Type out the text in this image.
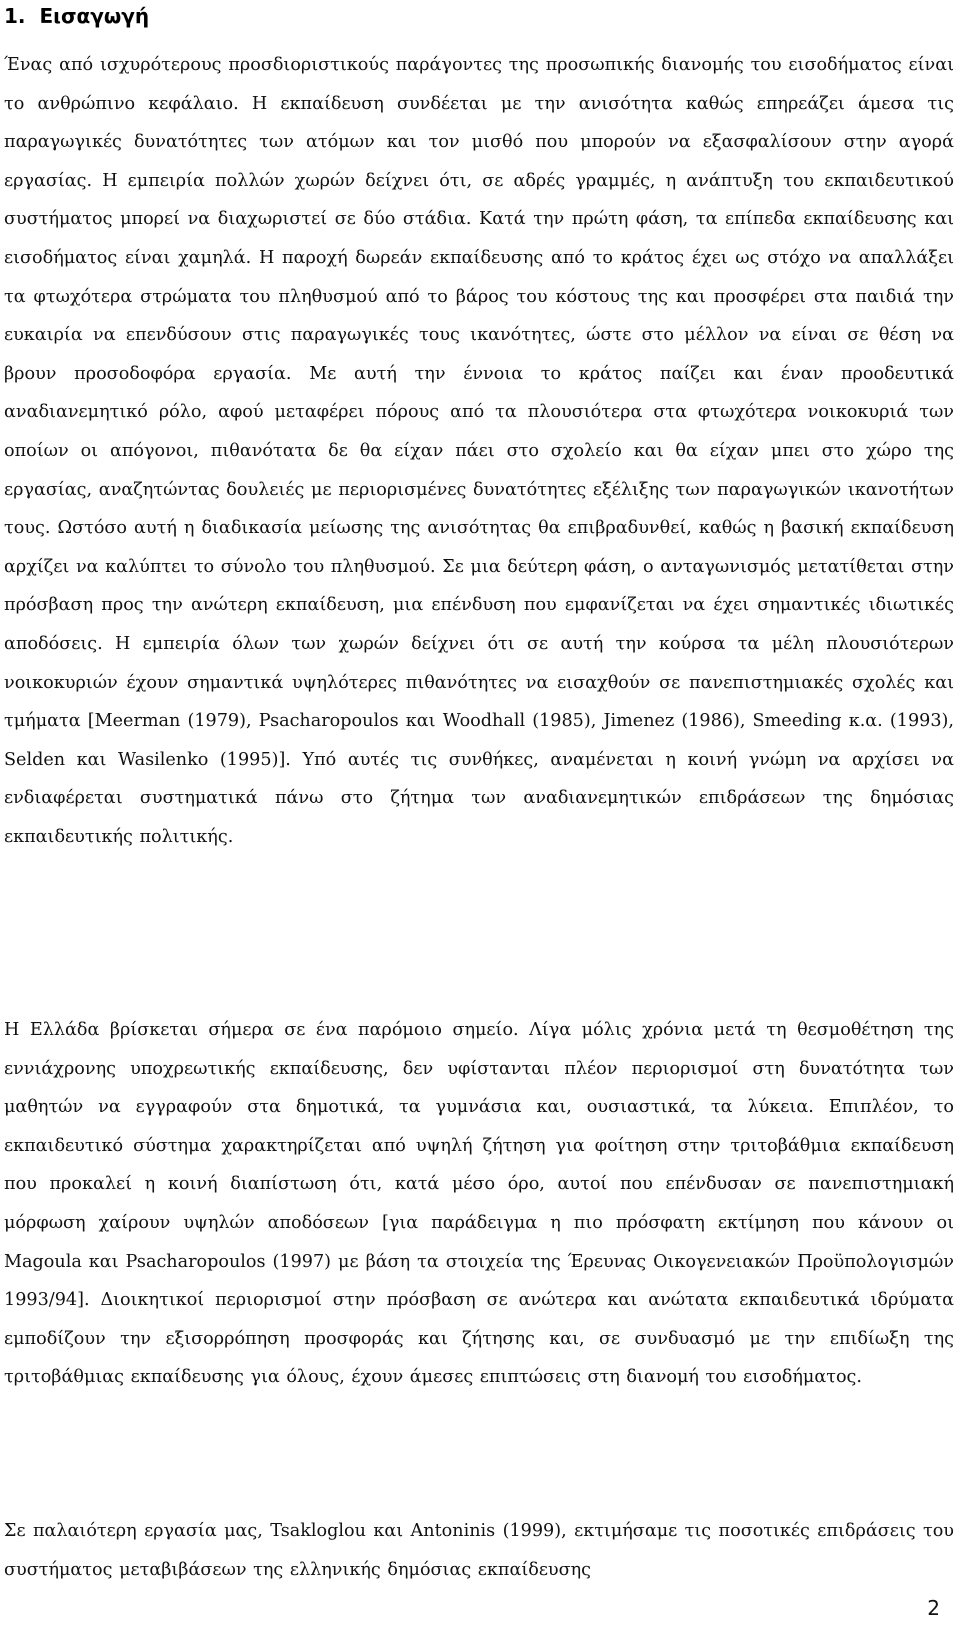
1. Εισαγωγή

Ένας από ισχυρότερους προσδιοριστικούς παράγοντες της προσωπικής διανομής του εισοδήματος είναι το ανθρώπινο κεφάλαιο. Η εκπαίδευση συνδέεται με την ανισότητα καθώς επηρεάζει άμεσα τις παραγωγικές δυνατότητες των ατόμων και τον μισθό που μπορούν να εξασφαλίσουν στην αγορά εργασίας. Η εμπειρία πολλών χωρών δείχνει ότι, σε αδρές γραμμές, η ανάπτυξη του εκπαιδευτικού συστήματος μπορεί να διαχωριστεί σε δύο στάδια. Κατά την πρώτη φάση, τα επίπεδα εκπαίδευσης και εισοδήματος είναι χαμηλά. Η παροχή δωρεάν εκπαίδευσης από το κράτος έχει ως στόχο να απαλλάξει τα φτωχότερα στρώματα του πληθυσμού από το βάρος του κόστους της και προσφέρει στα παιδιά την ευκαιρία να επενδύσουν στις παραγωγικές τους ικανότητες, ώστε στο μέλλον να είναι σε θέση να βρουν προσοδοφόρα εργασία. Με αυτή την έννοια το κράτος παίζει και έναν προοδευτικά αναδιανεμητικό ρόλο, αφού μεταφέρει πόρους από τα πλουσιότερα στα φτωχότερα νοικοκυριά των οποίων οι απόγονοι, πιθανότατα δε θα είχαν πάει στο σχολείο και θα είχαν μπει στο χώρο της εργασίας, αναζητώντας δουλειές με περιορισμένες δυνατότητες εξέλιξης των παραγωγικών ικανοτήτων τους. Ωστόσο αυτή η διαδικασία μείωσης της ανισότητας θα επιβραδυνθεί, καθώς η βασική εκπαίδευση αρχίζει να καλύπτει το σύνολο του πληθυσμού. Σε μια δεύτερη φάση, ο ανταγωνισμός μετατίθεται στην πρόσβαση προς την ανώτερη εκπαίδευση, μια επένδυση που εμφανίζεται να έχει σημαντικές ιδιωτικές αποδόσεις. Η εμπειρία όλων των χωρών δείχνει ότι σε αυτή την κούρσα τα μέλη πλουσιότερων νοικοκυριών έχουν σημαντικά υψηλότερες πιθανότητες να εισαχθούν σε πανεπιστημιακές σχολές και τμήματα [Meerman (1979), Psacharopoulos και Woodhall (1985), Jimenez (1986), Smeeding κ.α. (1993), Selden και Wasilenko (1995)]. Υπό αυτές τις συνθήκες, αναμένεται η κοινή γνώμη να αρχίσει να ενδιαφέρεται συστηματικά πάνω στο ζήτημα των αναδιανεμητικών επιδράσεων της δημόσιας εκπαιδευτικής πολιτικής.

Η Ελλάδα βρίσκεται σήμερα σε ένα παρόμοιο σημείο. Λίγα μόλις χρόνια μετά τη θεσμοθέτηση της εννιάχρονης υποχρεωτικής εκπαίδευσης, δεν υφίστανται πλέον περιορισμοί στη δυνατότητα των μαθητών να εγγραφούν στα δημοτικά, τα γυμνάσια και, ουσιαστικά, τα λύκεια. Επιπλέον, το εκπαιδευτικό σύστημα χαρακτηρίζεται από υψηλή ζήτηση για φοίτηση στην τριτοβάθμια εκπαίδευση που προκαλεί η κοινή διαπίστωση ότι, κατά μέσο όρο, αυτοί που επένδυσαν σε πανεπιστημιακή μόρφωση χαίρουν υψηλών αποδόσεων [για παράδειγμα η πιο πρόσφατη εκτίμηση που κάνουν οι Magoula και Psacharopoulos (1997) με βάση τα στοιχεία της Έρευνας Οικογενειακών Προϋπολογισμών 1993/94]. Διοικητικοί περιορισμοί στην πρόσβαση σε ανώτερα και ανώτατα εκπαιδευτικά ιδρύματα εμποδίζουν την εξισορρόπηση προσφοράς και ζήτησης και, σε συνδυασμό με την επιδίωξη της τριτοβάθμιας εκπαίδευσης για όλους, έχουν άμεσες επιπτώσεις στη διανομή του εισοδήματος.

Σε παλαιότερη εργασία μας, Tsakloglou και Antoninis (1999), εκτιμήσαμε τις ποσοτικές επιδράσεις του συστήματος μεταβιβάσεων της ελληνικής δημόσιας εκπαίδευσης

2
